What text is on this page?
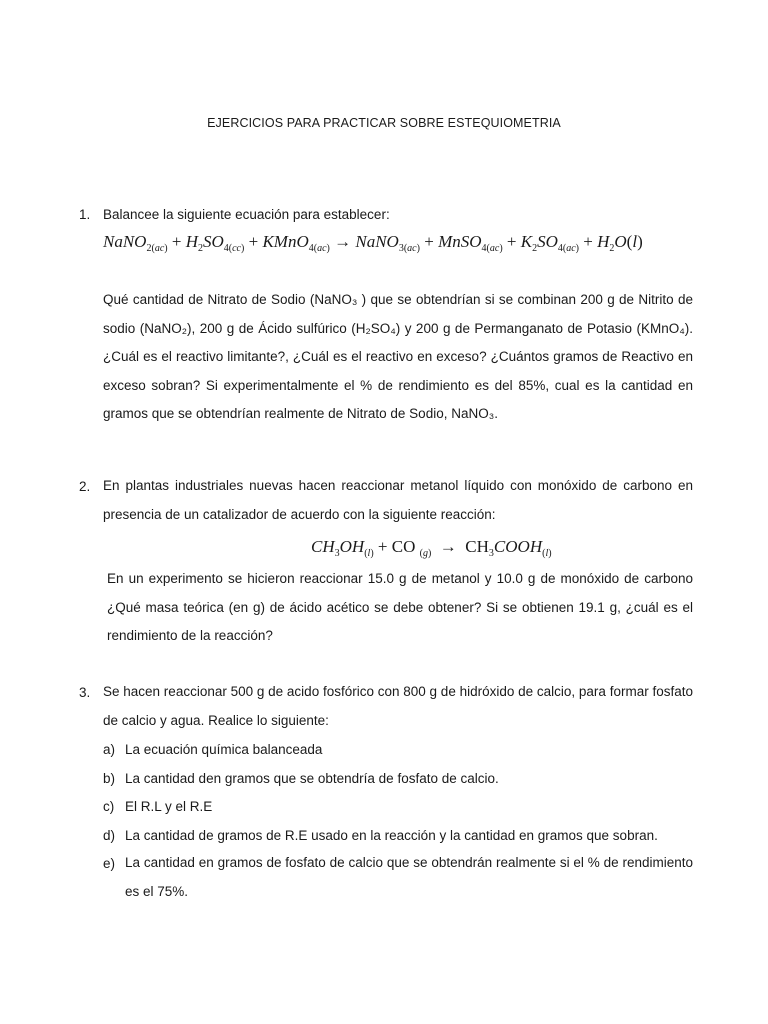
EJERCICIOS PARA PRACTICAR SOBRE ESTEQUIOMETRIA
1. Balancee la siguiente ecuación para establecer:
NaNO$_{2(ac)}$ + $H_2SO_{4(cc)}$ + KMnO$_{4(ac)}$ → NaNO$_{3(ac)}$ + MnSO$_{4(ac)}$ + $K_2SO_{4(ac)} + H_2O(l)$
Qué cantidad de Nitrato de Sodio (NaNO₃ ) que se obtendrían si se combinan 200 g de Nitrito de sodio (NaNO₂), 200 g de Ácido sulfúrico (H₂SO₄) y 200 g de Permanganato de Potasio (KMnO₄). ¿Cuál es el reactivo limitante?, ¿Cuál es el reactivo en exceso? ¿Cuántos gramos de Reactivo en exceso sobran? Si experimentalmente el % de rendimiento es del 85%, cual es la cantidad en gramos que se obtendrían realmente de Nitrato de Sodio, NaNO₃.
2. En plantas industriales nuevas hacen reaccionar metanol líquido con monóxido de carbono en presencia de un catalizador de acuerdo con la siguiente reacción:
$CH_3OH_{(l)}$ + CO $_{(g)} \to CH_3COOH_{(l)}$
En un experimento se hicieron reaccionar 15.0 g de metanol y 10.0 g de monóxido de carbono ¿Qué masa teórica (en g) de ácido acético se debe obtener? Si se obtienen 19.1 g, ¿cuál es el rendimiento de la reacción?
3. Se hacen reaccionar 500 g de acido fosfórico con 800 g de hidróxido de calcio, para formar fosfato de calcio y agua. Realice lo siguiente:
a) La ecuación química balanceada
b) La cantidad den gramos que se obtendría de fosfato de calcio.
c) El R.L y el R.E
d) La cantidad de gramos de R.E usado en la reacción y la cantidad en gramos que sobran.
e) La cantidad en gramos de fosfato de calcio que se obtendrán realmente si el % de rendimiento es el 75%.
